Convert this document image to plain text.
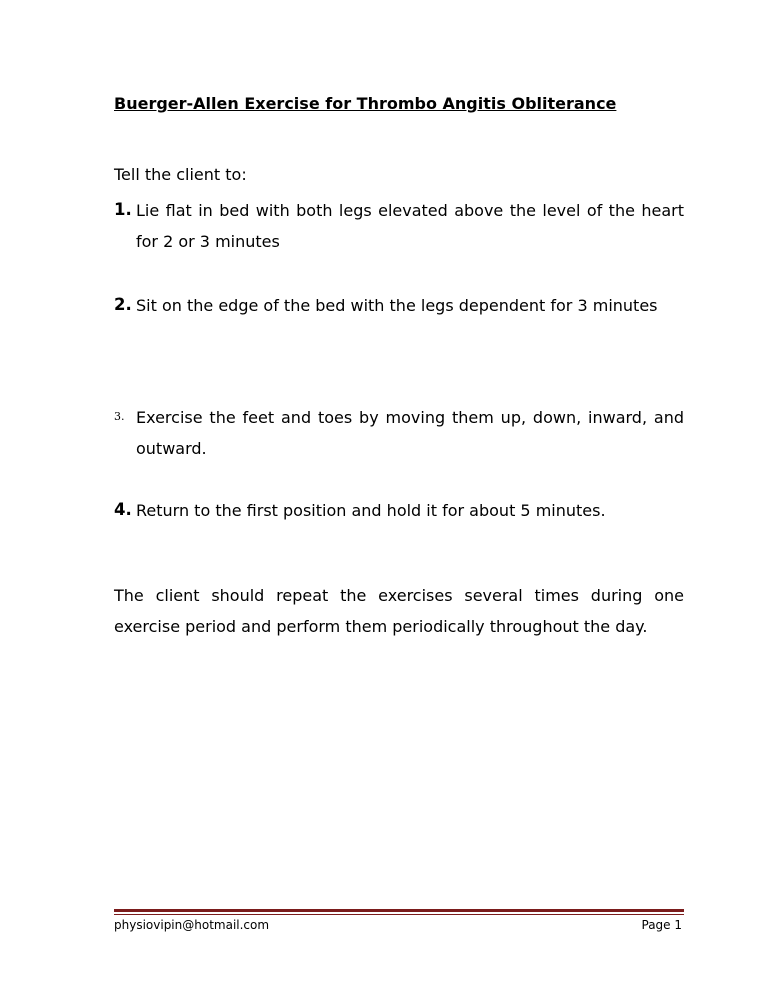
Buerger-Allen Exercise for Thrombo Angitis Obliterance
Tell the client to:
1. Lie flat in bed with both legs elevated above the level of the heart for 2 or 3 minutes
2. Sit on the edge of the bed with the legs dependent for 3 minutes
3. Exercise the feet and toes by moving them up, down, inward, and outward.
4. Return to the first position and hold it for about 5 minutes.
The client should repeat the exercises several times during one exercise period and perform them periodically throughout the day.
physiovipin@hotmail.com	Page 1
